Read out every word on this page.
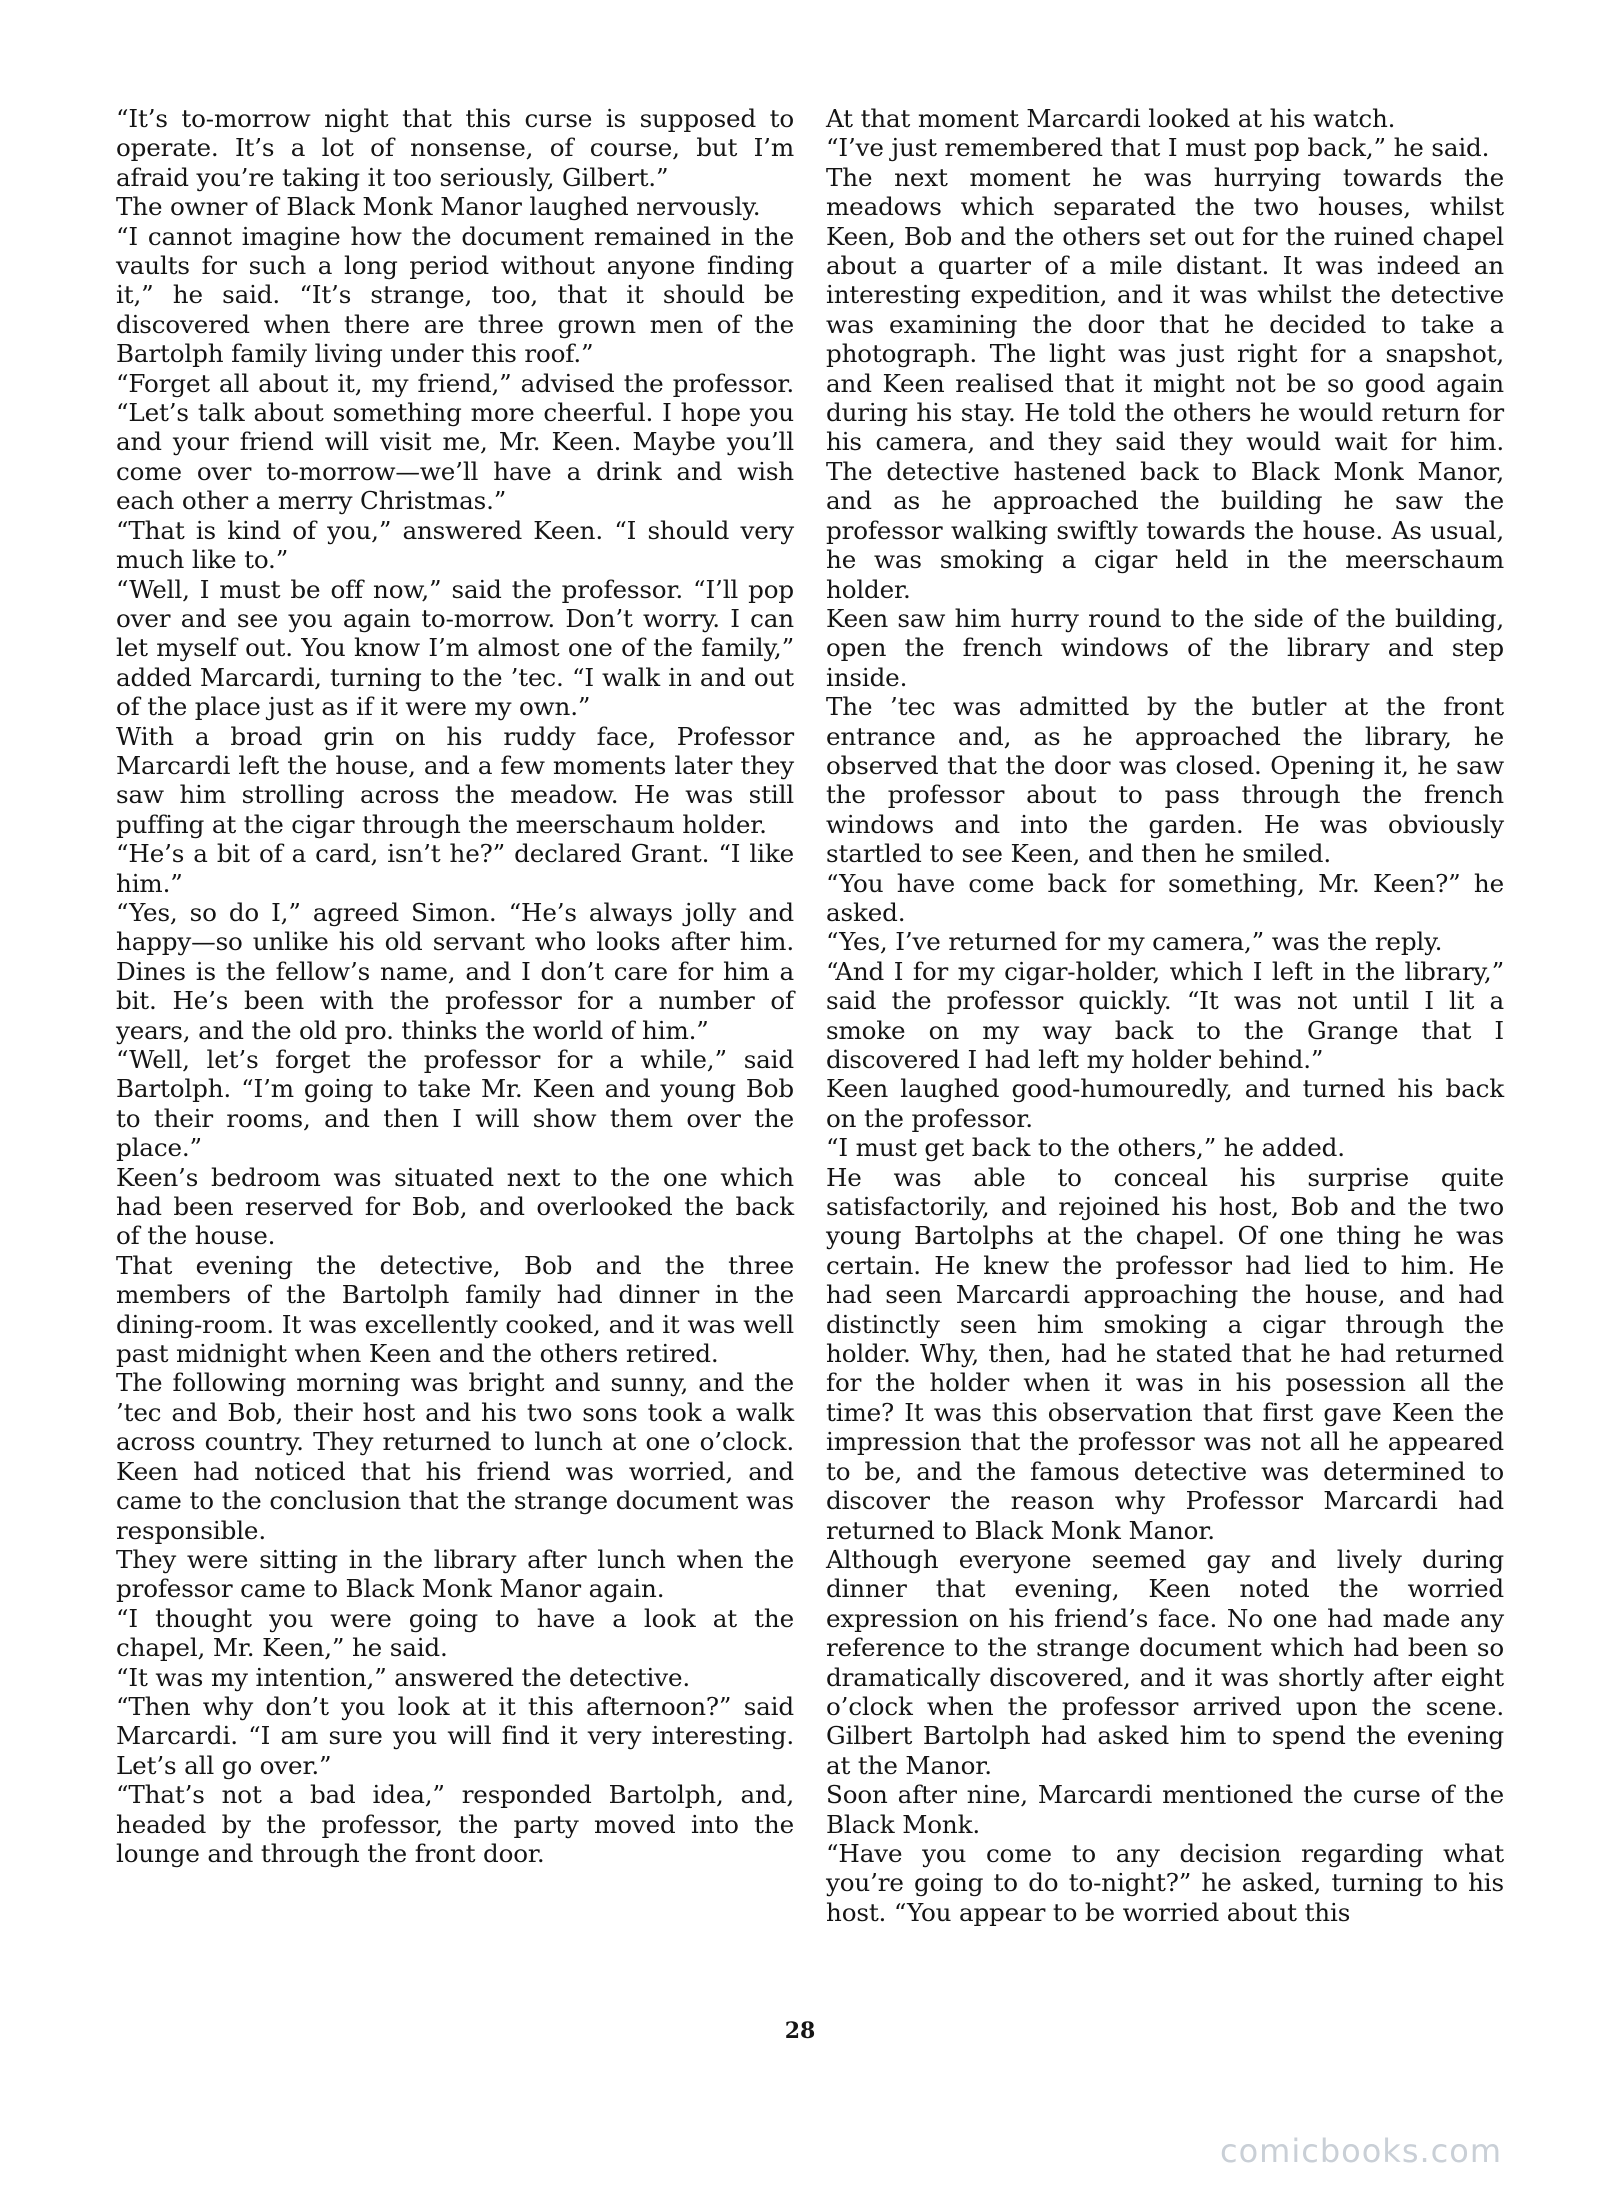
“It’s to-morrow night that this curse is supposed to operate. It’s a lot of nonsense, of course, but I’m afraid you’re taking it too seriously, Gilbert.”

The owner of Black Monk Manor laughed nervously.

“I cannot imagine how the document remained in the vaults for such a long period without anyone finding it,” he said. “It’s strange, too, that it should be discovered when there are three grown men of the Bartolph family living under this roof.”

“Forget all about it, my friend,” advised the professor. “Let’s talk about something more cheerful. I hope you and your friend will visit me, Mr. Keen. Maybe you’ll come over to-morrow—we’ll have a drink and wish each other a merry Christmas.”

“That is kind of you,” answered Keen. “I should very much like to.”

“Well, I must be off now,” said the professor. “I’ll pop over and see you again to-morrow. Don’t worry. I can let myself out. You know I’m almost one of the family,” added Marcardi, turning to the ’tec. “I walk in and out of the place just as if it were my own.”

With a broad grin on his ruddy face, Professor Marcardi left the house, and a few moments later they saw him strolling across the meadow. He was still puffing at the cigar through the meerschaum holder.

“He’s a bit of a card, isn’t he?” declared Grant. “I like him.”

“Yes, so do I,” agreed Simon. “He’s always jolly and happy—so unlike his old servant who looks after him. Dines is the fellow’s name, and I don’t care for him a bit. He’s been with the professor for a number of years, and the old pro. thinks the world of him.”

“Well, let’s forget the professor for a while,” said Bartolph. “I’m going to take Mr. Keen and young Bob to their rooms, and then I will show them over the place.”

Keen’s bedroom was situated next to the one which had been reserved for Bob, and overlooked the back of the house.

That evening the detective, Bob and the three members of the Bartolph family had dinner in the dining-room. It was excellently cooked, and it was well past midnight when Keen and the others retired.

The following morning was bright and sunny, and the ’tec and Bob, their host and his two sons took a walk across country. They returned to lunch at one o’clock. Keen had noticed that his friend was worried, and came to the conclusion that the strange document was responsible.

They were sitting in the library after lunch when the professor came to Black Monk Manor again.

“I thought you were going to have a look at the chapel, Mr. Keen,” he said.

“It was my intention,” answered the detective.

“Then why don’t you look at it this afternoon?” said Marcardi. “I am sure you will find it very interesting. Let’s all go over.”

“That’s not a bad idea,” responded Bartolph, and, headed by the professor, the party moved into the lounge and through the front door.

At that moment Marcardi looked at his watch.

“I’ve just remembered that I must pop back,” he said.

The next moment he was hurrying towards the meadows which separated the two houses, whilst Keen, Bob and the others set out for the ruined chapel about a quarter of a mile distant. It was indeed an interesting expedition, and it was whilst the detective was examining the door that he decided to take a photograph. The light was just right for a snapshot, and Keen realised that it might not be so good again during his stay. He told the others he would return for his camera, and they said they would wait for him. The detective hastened back to Black Monk Manor, and as he approached the building he saw the professor walking swiftly towards the house. As usual, he was smoking a cigar held in the meerschaum holder.

Keen saw him hurry round to the side of the building, open the french windows of the library and step inside.

The ’tec was admitted by the butler at the front entrance and, as he approached the library, he observed that the door was closed. Opening it, he saw the professor about to pass through the french windows and into the garden. He was obviously startled to see Keen, and then he smiled.

“You have come back for something, Mr. Keen?” he asked.

“Yes, I’ve returned for my camera,” was the reply.

“And I for my cigar-holder, which I left in the library,” said the professor quickly. “It was not until I lit a smoke on my way back to the Grange that I discovered I had left my holder behind.”

Keen laughed good-humouredly, and turned his back on the professor.

“I must get back to the others,” he added.

He was able to conceal his surprise quite satisfactorily, and rejoined his host, Bob and the two young Bartolphs at the chapel. Of one thing he was certain. He knew the professor had lied to him. He had seen Marcardi approaching the house, and had distinctly seen him smoking a cigar through the holder. Why, then, had he stated that he had returned for the holder when it was in his posession all the time? It was this observation that first gave Keen the impression that the professor was not all he appeared to be, and the famous detective was determined to discover the reason why Professor Marcardi had returned to Black Monk Manor.

Although everyone seemed gay and lively during dinner that evening, Keen noted the worried expression on his friend’s face. No one had made any reference to the strange document which had been so dramatically discovered, and it was shortly after eight o’clock when the professor arrived upon the scene. Gilbert Bartolph had asked him to spend the evening at the Manor.

Soon after nine, Marcardi mentioned the curse of the Black Monk.

“Have you come to any decision regarding what you’re going to do to-night?” he asked, turning to his host. “You appear to be worried about this

28
comicbooks.com
